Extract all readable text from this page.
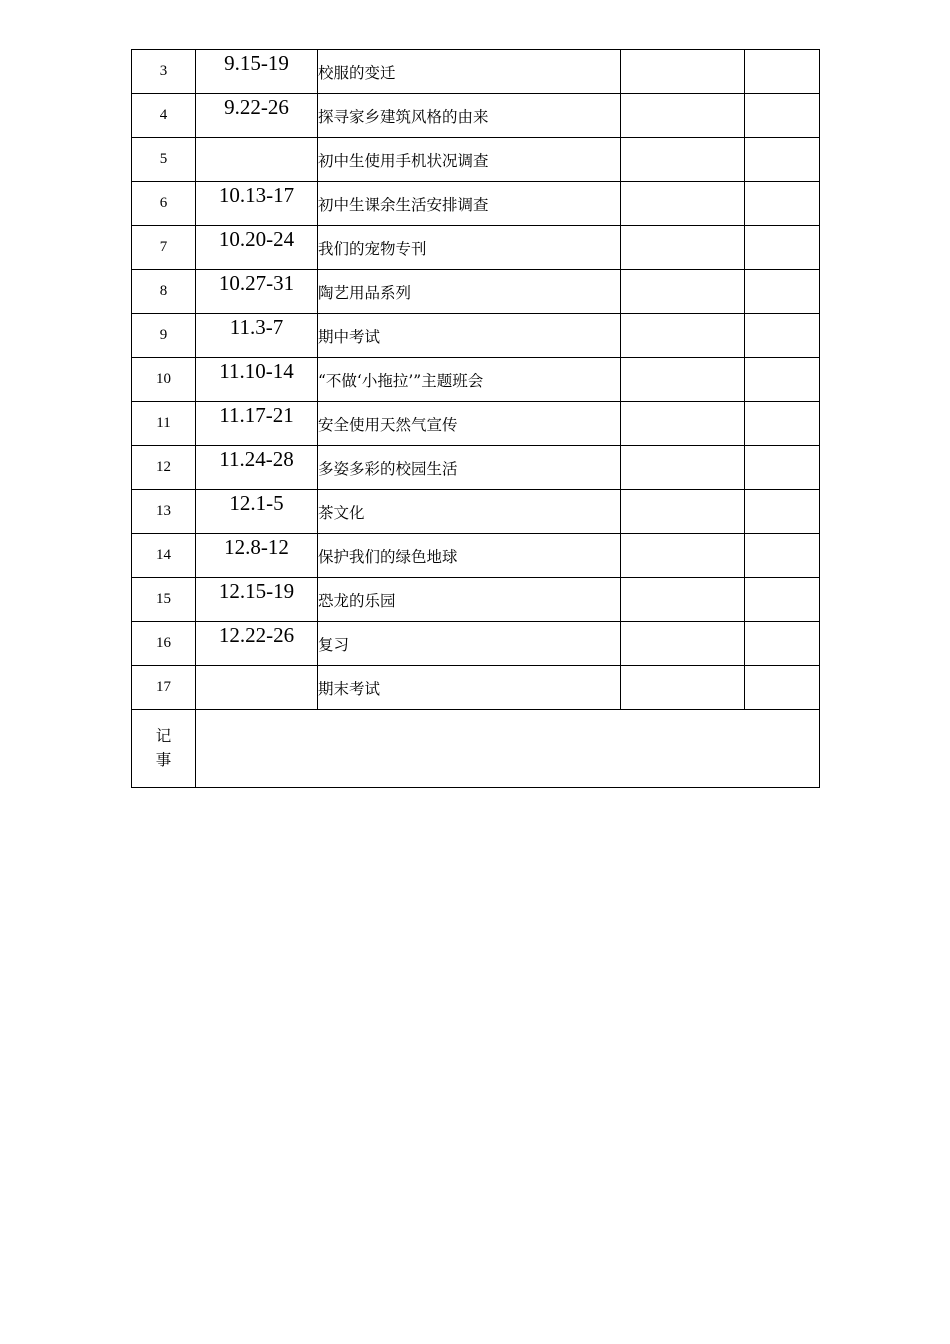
3	9.15-19	校服的变迁		
4	9.22-26	探寻家乡建筑风格的由来		
5		初中生使用手机状况调查		
6	10.13-17	初中生课余生活安排调查		
7	10.20-24	我们的宠物专刊		
8	10.27-31	陶艺用品系列		
9	11.3-7	期中考试		
10	11.10-14	“不做‘小拖拉’”主题班会		
11	11.17-21	安全使用天然气宣传		
12	11.24-28	多姿多彩的校园生活		
13	12.1-5	茶文化		
14	12.8-12	保护我们的绿色地球		
15	12.15-19	恐龙的乐园		
16	12.22-26	复习		
17		期末考试		

记
事				
